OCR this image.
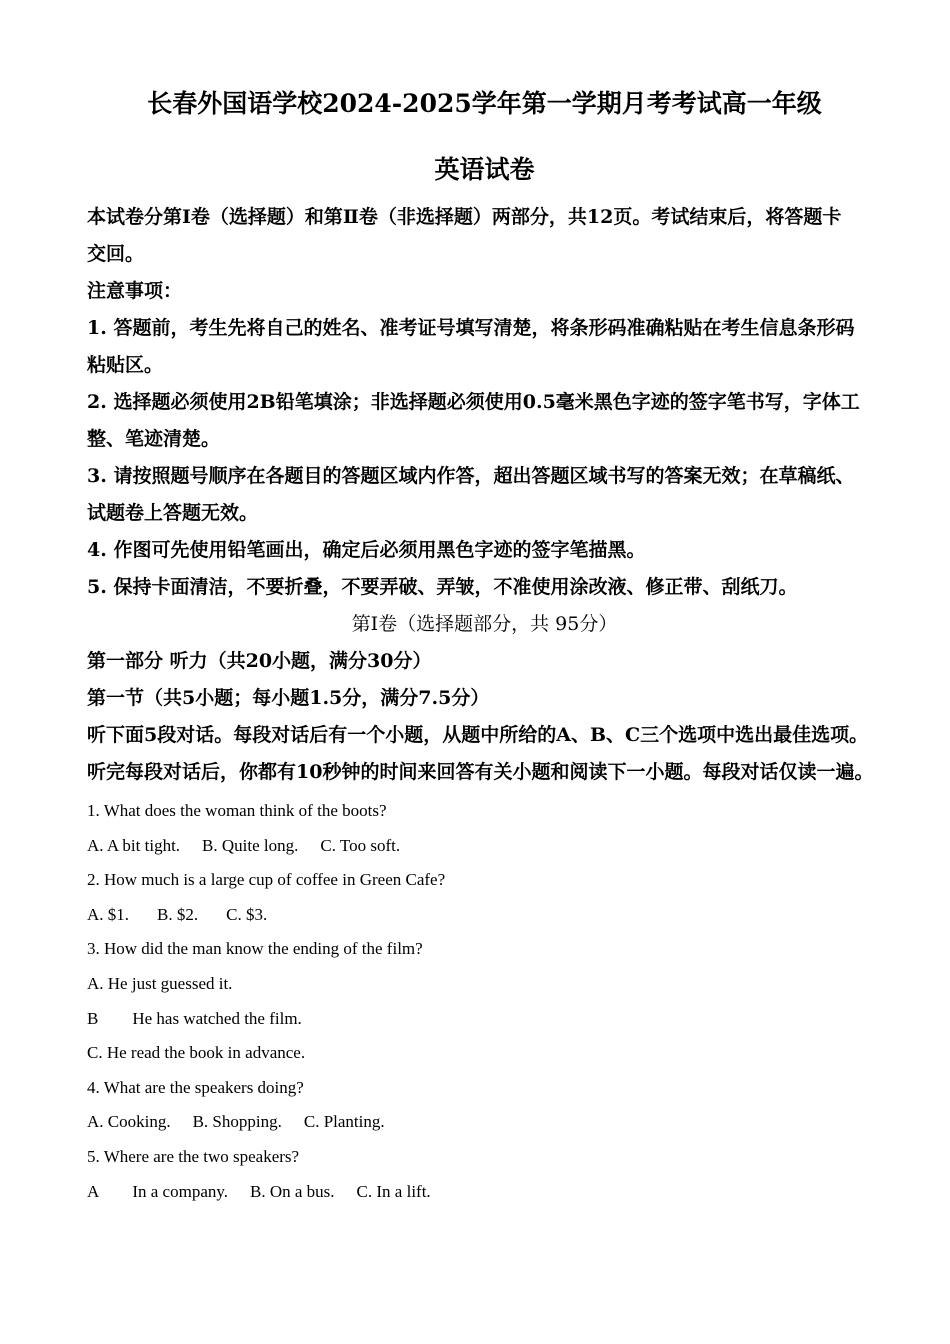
长春外国语学校2024-2025学年第一学期月考考试高一年级
英语试卷

本试卷分第Ⅰ卷（选择题）和第Ⅱ卷（非选择题）两部分，共12页。考试结束后，将答题卡

交回。

注意事项：

1. 答题前，考生先将自己的姓名、准考证号填写清楚，将条形码准确粘贴在考生信息条形码

粘贴区。

2. 选择题必须使用2B铅笔填涂；非选择题必须使用0.5毫米黑色字迹的签字笔书写，字体工

整、笔迹清楚。

3. 请按照题号顺序在各题目的答题区域内作答，超出答题区域书写的答案无效；在草稿纸、

试题卷上答题无效。

4. 作图可先使用铅笔画出，确定后必须用黑色字迹的签字笔描黑。

5. 保持卡面清洁，不要折叠，不要弄破、弄皱，不准使用涂改液、修正带、刮纸刀。

第Ⅰ卷（选择题部分，共 95分）

第一部分 听力（共20小题，满分30分）

第一节（共5小题；每小题1.5分，满分7.5分）

听下面5段对话。每段对话后有一个小题，从题中所给的A、B、C三个选项中选出最佳选项。

听完每段对话后，你都有10秒钟的时间来回答有关小题和阅读下一小题。每段对话仅读一遍。

1. What does the woman think of the boots?

A. A bit tight. B. Quite long. C. Too soft.

2. How much is a large cup of coffee in Green Cafe?

A. $1. B. $2. C. $3.

3. How did the man know the ending of the film?

A. He just guessed it.

B        He has watched the film.

C. He read the book in advance.

4. What are the speakers doing?

A. Cooking. B. Shopping. C. Planting.

5. Where are the two speakers?

A        In a company. B. On a bus. C. In a lift.
